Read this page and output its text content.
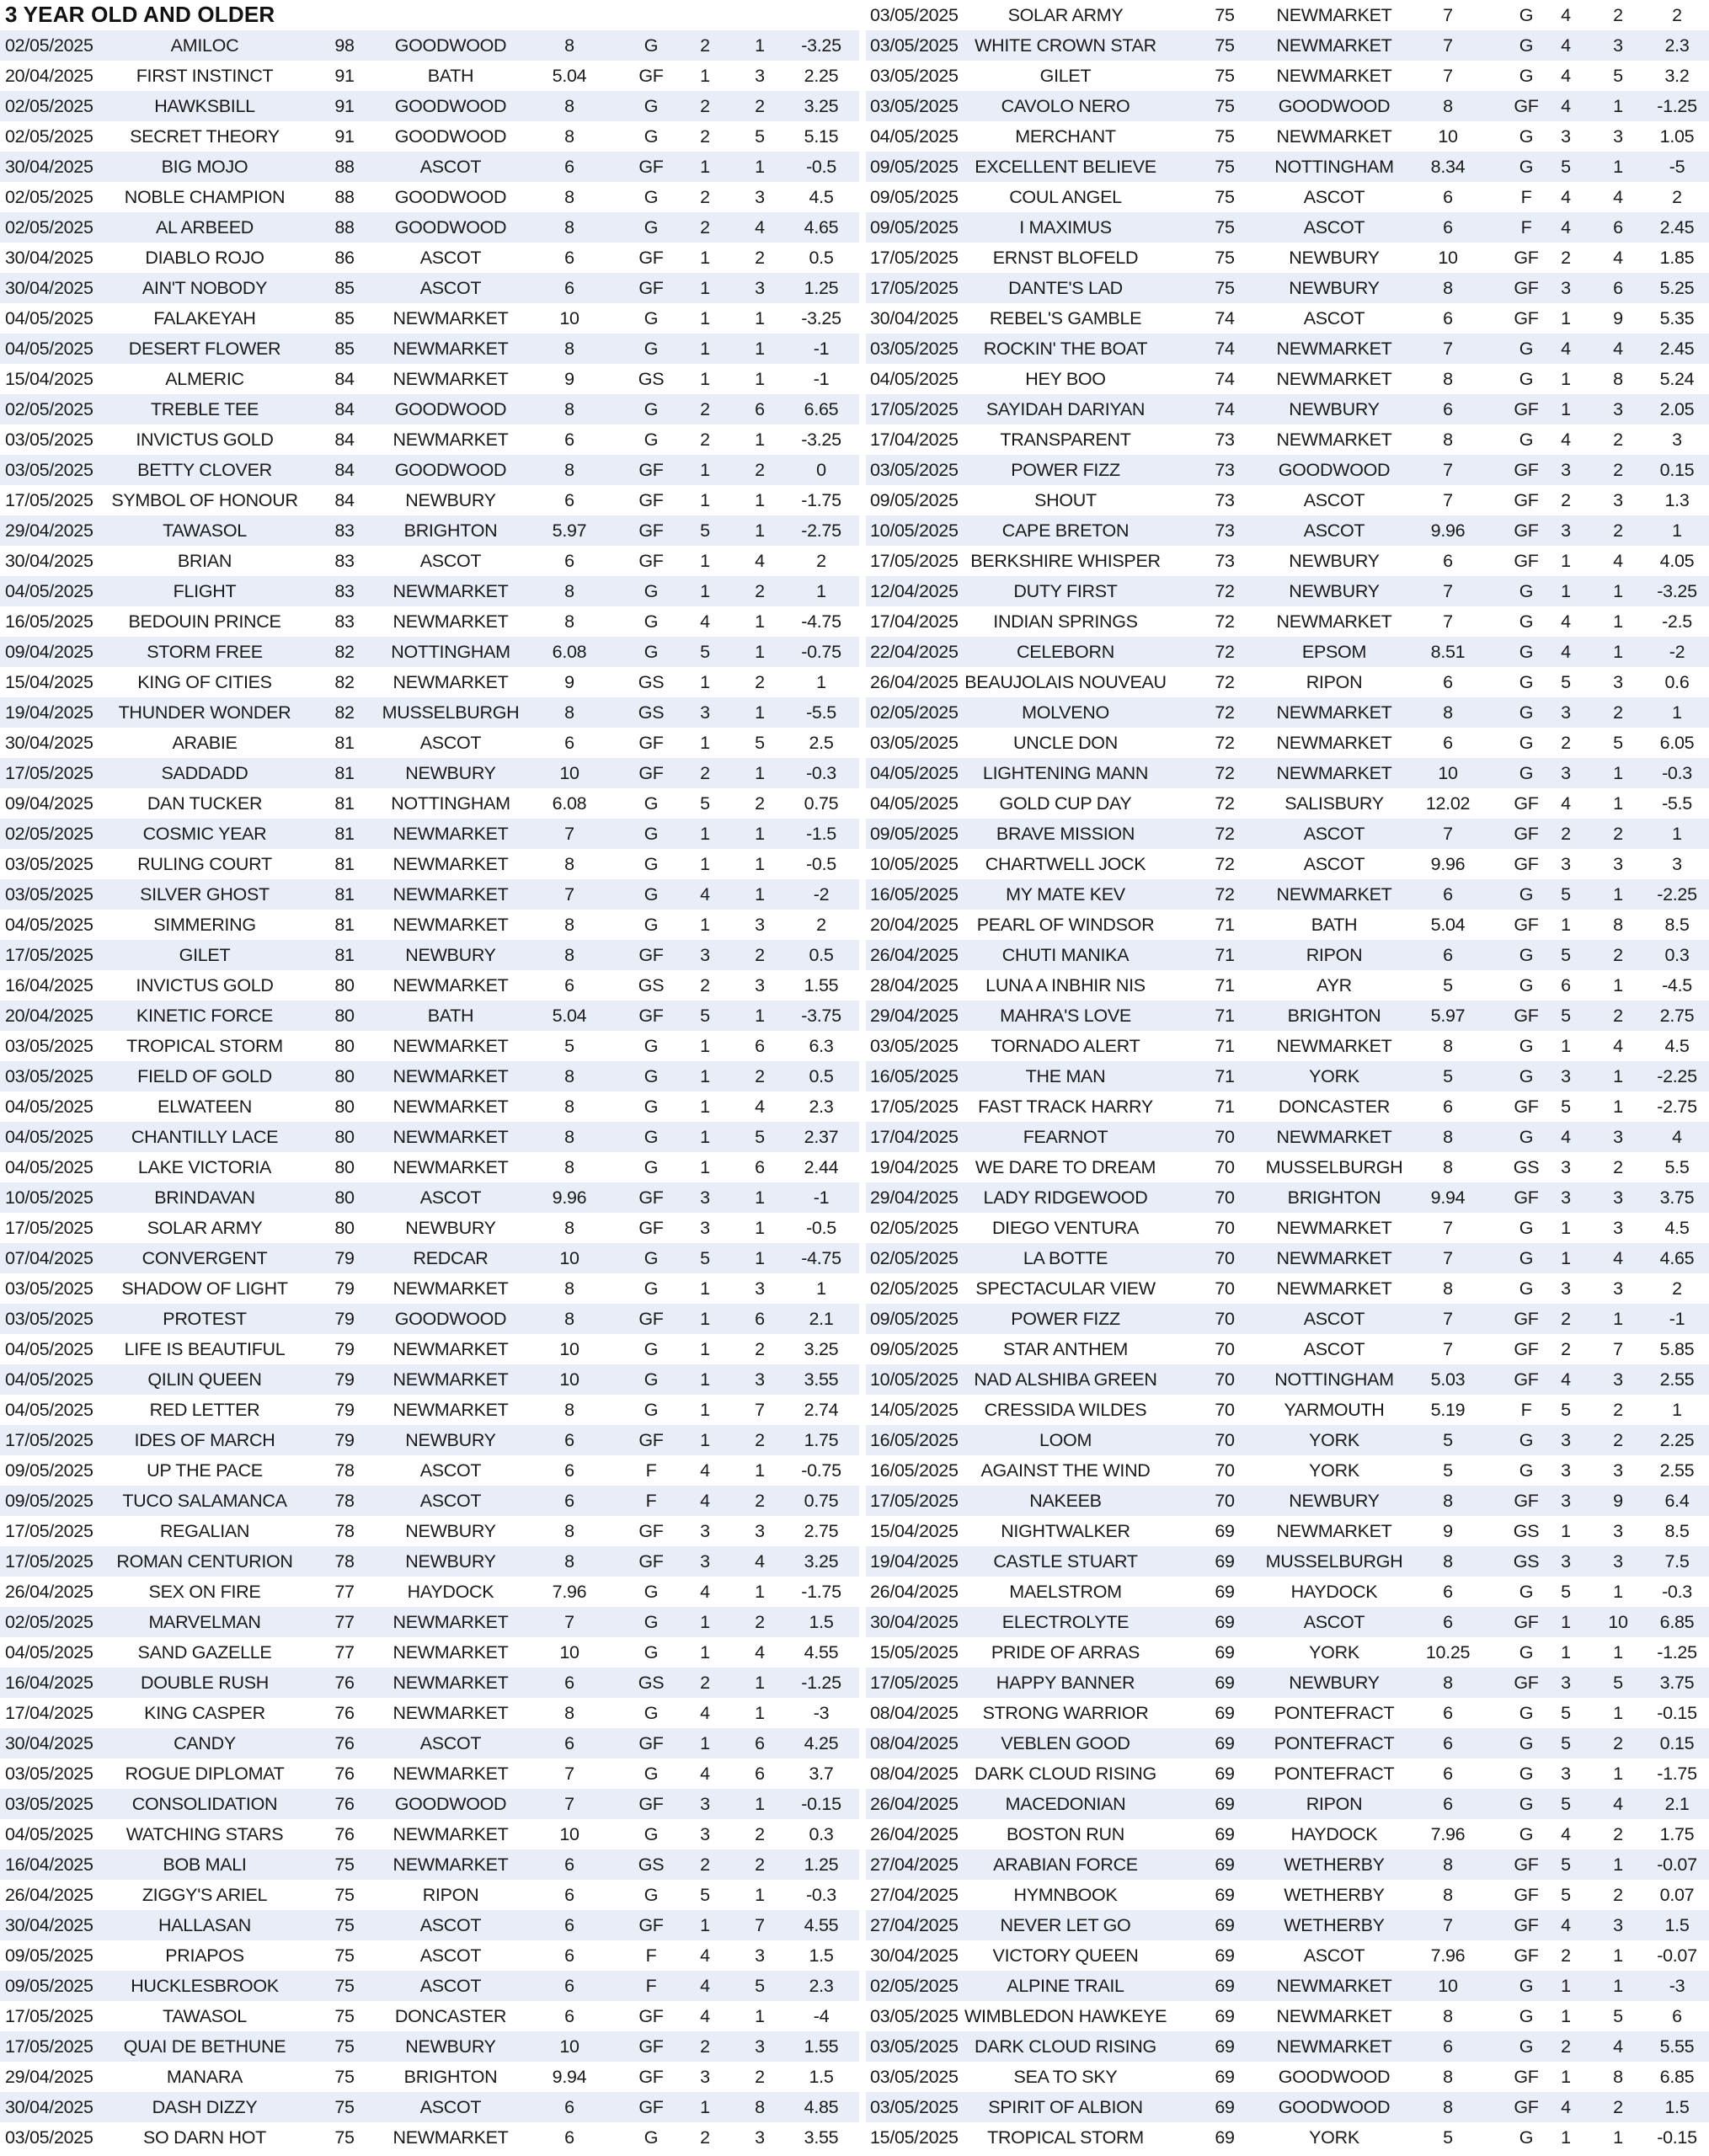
3 YEAR OLD AND OLDER
02/05/2025	AMILOC	98	GOODWOOD	8	G	2	1	-3.25
20/04/2025	FIRST INSTINCT	91	BATH	5.04	GF	1	3	2.25
02/05/2025	HAWKSBILL	91	GOODWOOD	8	G	2	2	3.25
02/05/2025	SECRET THEORY	91	GOODWOOD	8	G	2	5	5.15
30/04/2025	BIG MOJO	88	ASCOT	6	GF	1	1	-0.5
02/05/2025	NOBLE CHAMPION	88	GOODWOOD	8	G	2	3	4.5
02/05/2025	AL ARBEED	88	GOODWOOD	8	G	2	4	4.65
30/04/2025	DIABLO ROJO	86	ASCOT	6	GF	1	2	0.5
30/04/2025	AIN'T NOBODY	85	ASCOT	6	GF	1	3	1.25
04/05/2025	FALAKEYAH	85	NEWMARKET	10	G	1	1	-3.25
04/05/2025	DESERT FLOWER	85	NEWMARKET	8	G	1	1	-1
15/04/2025	ALMERIC	84	NEWMARKET	9	GS	1	1	-1
02/05/2025	TREBLE TEE	84	GOODWOOD	8	G	2	6	6.65
03/05/2025	INVICTUS GOLD	84	NEWMARKET	6	G	2	1	-3.25
03/05/2025	BETTY CLOVER	84	GOODWOOD	8	GF	1	2	0
17/05/2025	SYMBOL OF HONOUR	84	NEWBURY	6	GF	1	1	-1.75
29/04/2025	TAWASOL	83	BRIGHTON	5.97	GF	5	1	-2.75
30/04/2025	BRIAN	83	ASCOT	6	GF	1	4	2
04/05/2025	FLIGHT	83	NEWMARKET	8	G	1	2	1
16/05/2025	BEDOUIN PRINCE	83	NEWMARKET	8	G	4	1	-4.75
09/04/2025	STORM FREE	82	NOTTINGHAM	6.08	G	5	1	-0.75
15/04/2025	KING OF CITIES	82	NEWMARKET	9	GS	1	2	1
19/04/2025	THUNDER WONDER	82	MUSSELBURGH	8	GS	3	1	-5.5
30/04/2025	ARABIE	81	ASCOT	6	GF	1	5	2.5
17/05/2025	SADDADD	81	NEWBURY	10	GF	2	1	-0.3
09/04/2025	DAN TUCKER	81	NOTTINGHAM	6.08	G	5	2	0.75
02/05/2025	COSMIC YEAR	81	NEWMARKET	7	G	1	1	-1.5
03/05/2025	RULING COURT	81	NEWMARKET	8	G	1	1	-0.5
03/05/2025	SILVER GHOST	81	NEWMARKET	7	G	4	1	-2
04/05/2025	SIMMERING	81	NEWMARKET	8	G	1	3	2
17/05/2025	GILET	81	NEWBURY	8	GF	3	2	0.5
16/04/2025	INVICTUS GOLD	80	NEWMARKET	6	GS	2	3	1.55
20/04/2025	KINETIC FORCE	80	BATH	5.04	GF	5	1	-3.75
03/05/2025	TROPICAL STORM	80	NEWMARKET	5	G	1	6	6.3
03/05/2025	FIELD OF GOLD	80	NEWMARKET	8	G	1	2	0.5
04/05/2025	ELWATEEN	80	NEWMARKET	8	G	1	4	2.3
04/05/2025	CHANTILLY LACE	80	NEWMARKET	8	G	1	5	2.37
04/05/2025	LAKE VICTORIA	80	NEWMARKET	8	G	1	6	2.44
10/05/2025	BRINDAVAN	80	ASCOT	9.96	GF	3	1	-1
17/05/2025	SOLAR ARMY	80	NEWBURY	8	GF	3	1	-0.5
07/04/2025	CONVERGENT	79	REDCAR	10	G	5	1	-4.75
03/05/2025	SHADOW OF LIGHT	79	NEWMARKET	8	G	1	3	1
03/05/2025	PROTEST	79	GOODWOOD	8	GF	1	6	2.1
04/05/2025	LIFE IS BEAUTIFUL	79	NEWMARKET	10	G	1	2	3.25
04/05/2025	QILIN QUEEN	79	NEWMARKET	10	G	1	3	3.55
04/05/2025	RED LETTER	79	NEWMARKET	8	G	1	7	2.74
17/05/2025	IDES OF MARCH	79	NEWBURY	6	GF	1	2	1.75
09/05/2025	UP THE PACE	78	ASCOT	6	F	4	1	-0.75
09/05/2025	TUCO SALAMANCA	78	ASCOT	6	F	4	2	0.75
17/05/2025	REGALIAN	78	NEWBURY	8	GF	3	3	2.75
17/05/2025	ROMAN CENTURION	78	NEWBURY	8	GF	3	4	3.25
26/04/2025	SEX ON FIRE	77	HAYDOCK	7.96	G	4	1	-1.75
02/05/2025	MARVELMAN	77	NEWMARKET	7	G	1	2	1.5
04/05/2025	SAND GAZELLE	77	NEWMARKET	10	G	1	4	4.55
16/04/2025	DOUBLE RUSH	76	NEWMARKET	6	GS	2	1	-1.25
17/04/2025	KING CASPER	76	NEWMARKET	8	G	4	1	-3
30/04/2025	CANDY	76	ASCOT	6	GF	1	6	4.25
03/05/2025	ROGUE DIPLOMAT	76	NEWMARKET	7	G	4	6	3.7
03/05/2025	CONSOLIDATION	76	GOODWOOD	7	GF	3	1	-0.15
04/05/2025	WATCHING STARS	76	NEWMARKET	10	G	3	2	0.3
16/04/2025	BOB MALI	75	NEWMARKET	6	GS	2	2	1.25
26/04/2025	ZIGGY'S ARIEL	75	RIPON	6	G	5	1	-0.3
30/04/2025	HALLASAN	75	ASCOT	6	GF	1	7	4.55
09/05/2025	PRIAPOS	75	ASCOT	6	F	4	3	1.5
09/05/2025	HUCKLESBROOK	75	ASCOT	6	F	4	5	2.3
17/05/2025	TAWASOL	75	DONCASTER	6	GF	4	1	-4
17/05/2025	QUAI DE BETHUNE	75	NEWBURY	10	GF	2	3	1.55
29/04/2025	MANARA	75	BRIGHTON	9.94	GF	3	2	1.5
30/04/2025	DASH DIZZY	75	ASCOT	6	GF	1	8	4.85
03/05/2025	SO DARN HOT	75	NEWMARKET	6	G	2	3	3.55
03/05/2025	SOLAR ARMY	75	NEWMARKET	7	G	4	2	2
03/05/2025 WHITE CROWN STAR	75	NEWMARKET	7	G	4	3	2.3
03/05/2025	GILET	75	NEWMARKET	7	G	4	5	3.2
03/05/2025	CAVOLO NERO	75	GOODWOOD	8	GF	4	1	-1.25
04/05/2025	MERCHANT	75	NEWMARKET	10	G	3	3	1.05
09/05/2025 EXCELLENT BELIEVE	75	NOTTINGHAM	8.34	G	5	1	-5
09/05/2025	COUL ANGEL	75	ASCOT	6	F	4	4	2
09/05/2025	I MAXIMUS	75	ASCOT	6	F	4	6	2.45
17/05/2025	ERNST BLOFELD	75	NEWBURY	10	GF	2	4	1.85
17/05/2025	DANTE'S LAD	75	NEWBURY	8	GF	3	6	5.25
30/04/2025	REBEL'S GAMBLE	74	ASCOT	6	GF	1	9	5.35
03/05/2025	ROCKIN' THE BOAT	74	NEWMARKET	7	G	4	4	2.45
04/05/2025	HEY BOO	74	NEWMARKET	8	G	1	8	5.24
17/05/2025	SAYIDAH DARIYAN	74	NEWBURY	6	GF	1	3	2.05
17/04/2025	TRANSPARENT	73	NEWMARKET	8	G	4	2	3
03/05/2025	POWER FIZZ	73	GOODWOOD	7	GF	3	2	0.15
09/05/2025	SHOUT	73	ASCOT	7	GF	2	3	1.3
10/05/2025	CAPE BRETON	73	ASCOT	9.96	GF	3	2	1
17/05/2025 BERKSHIRE WHISPER	73	NEWBURY	6	GF	1	4	4.05
12/04/2025	DUTY FIRST	72	NEWBURY	7	G	1	1	-3.25
17/04/2025	INDIAN SPRINGS	72	NEWMARKET	7	G	4	1	-2.5
22/04/2025	CELEBORN	72	EPSOM	8.51	G	4	1	-2
26/04/2025 BEAUJOLAIS NOUVEAU	72	RIPON	6	G	5	3	0.6
02/05/2025	MOLVENO	72	NEWMARKET	8	G	3	2	1
03/05/2025	UNCLE DON	72	NEWMARKET	6	G	2	5	6.05
04/05/2025	LIGHTENING MANN	72	NEWMARKET	10	G	3	1	-0.3
04/05/2025	GOLD CUP DAY	72	SALISBURY	12.02	GF	4	1	-5.5
09/05/2025	BRAVE MISSION	72	ASCOT	7	GF	2	2	1
10/05/2025	CHARTWELL JOCK	72	ASCOT	9.96	GF	3	3	3
16/05/2025	MY MATE KEV	72	NEWMARKET	6	G	5	1	-2.25
20/04/2025	PEARL OF WINDSOR	71	BATH	5.04	GF	1	8	8.5
26/04/2025	CHUTI MANIKA	71	RIPON	6	G	5	2	0.3
28/04/2025	LUNA A INBHIR NIS	71	AYR	5	G	6	1	-4.5
29/04/2025	MAHRA'S LOVE	71	BRIGHTON	5.97	GF	5	2	2.75
03/05/2025	TORNADO ALERT	71	NEWMARKET	8	G	1	4	4.5
16/05/2025	THE MAN	71	YORK	5	G	3	1	-2.25
17/05/2025	FAST TRACK HARRY	71	DONCASTER	6	GF	5	1	-2.75
17/04/2025	FEARNOT	70	NEWMARKET	8	G	4	3	4
19/04/2025 WE DARE TO DREAM	70	MUSSELBURGH	8	GS	3	2	5.5
29/04/2025	LADY RIDGEWOOD	70	BRIGHTON	9.94	GF	3	3	3.75
02/05/2025	DIEGO VENTURA	70	NEWMARKET	7	G	1	3	4.5
02/05/2025	LA BOTTE	70	NEWMARKET	7	G	1	4	4.65
02/05/2025 SPECTACULAR VIEW	70	NEWMARKET	8	G	3	3	2
09/05/2025	POWER FIZZ	70	ASCOT	7	GF	2	1	-1
09/05/2025	STAR ANTHEM	70	ASCOT	7	GF	2	7	5.85
10/05/2025 NAD ALSHIBA GREEN	70	NOTTINGHAM	5.03	GF	4	3	2.55
14/05/2025	CRESSIDA WILDES	70	YARMOUTH	5.19	F	5	2	1
16/05/2025	LOOM	70	YORK	5	G	3	2	2.25
16/05/2025	AGAINST THE WIND	70	YORK	5	G	3	3	2.55
17/05/2025	NAKEEB	70	NEWBURY	8	GF	3	9	6.4
15/04/2025	NIGHTWALKER	69	NEWMARKET	9	GS	1	3	8.5
19/04/2025	CASTLE STUART	69	MUSSELBURGH	8	GS	3	3	7.5
26/04/2025	MAELSTROM	69	HAYDOCK	6	G	5	1	-0.3
30/04/2025	ELECTROLYTE	69	ASCOT	6	GF	1	10	6.85
15/05/2025	PRIDE OF ARRAS	69	YORK	10.25	G	1	1	-1.25
17/05/2025	HAPPY BANNER	69	NEWBURY	8	GF	3	5	3.75
08/04/2025	STRONG WARRIOR	69	PONTEFRACT	6	G	5	1	-0.15
08/04/2025	VEBLEN GOOD	69	PONTEFRACT	6	G	5	2	0.15
08/04/2025 DARK CLOUD RISING	69	PONTEFRACT	6	G	3	1	-1.75
26/04/2025	MACEDONIAN	69	RIPON	6	G	5	4	2.1
26/04/2025	BOSTON RUN	69	HAYDOCK	7.96	G	4	2	1.75
27/04/2025	ARABIAN FORCE	69	WETHERBY	8	GF	5	1	-0.07
27/04/2025	HYMNBOOK	69	WETHERBY	8	GF	5	2	0.07
27/04/2025	NEVER LET GO	69	WETHERBY	7	GF	4	3	1.5
30/04/2025	VICTORY QUEEN	69	ASCOT	7.96	GF	2	1	-0.07
02/05/2025	ALPINE TRAIL	69	NEWMARKET	10	G	1	1	-3
03/05/2025 WIMBLEDON HAWKEYE	69	NEWMARKET	8	G	1	5	6
03/05/2025 DARK CLOUD RISING	69	NEWMARKET	6	G	2	4	5.55
03/05/2025	SEA TO SKY	69	GOODWOOD	8	GF	1	8	6.85
03/05/2025	SPIRIT OF ALBION	69	GOODWOOD	8	GF	4	2	1.5
15/05/2025	TROPICAL STORM	69	YORK	5	G	1	1	-0.15
